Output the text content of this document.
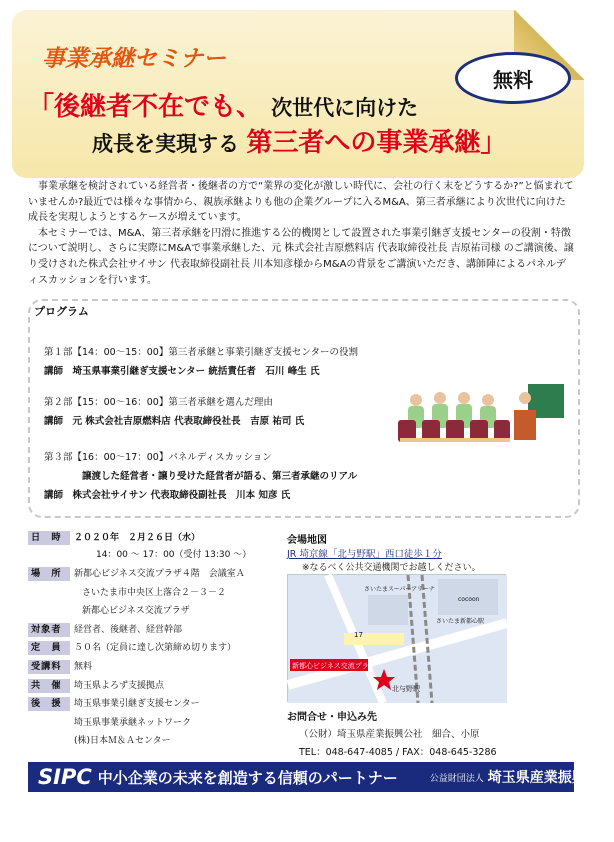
事業承継セミナー
「後継者不在でも、 次世代に向けた
成長を実現する 第三者への事業承継」
無料

事業承継を検討されている経営者・後継者の方で“業界の変化が激しい時代に、会社の行く末をどうするか?”と悩まれていませんか?最近では様々な事情から、親族承継よりも他の企業グループに入るM&A、第三者承継により次世代に向けた成長を実現しようとするケースが増えています。

本セミナーでは、M&A、第三者承継を円滑に推進する公的機関として設置された事業引継ぎ支援センターの役割・特徴について説明し、さらに実際にM&Aで事業承継した、元 株式会社吉原燃料店 代表取締役社長 吉原祐司様 のご講演後、譲り受けされた株式会社サイサン 代表取締役副社長 川本知彦様からM&Aの背景をご講演いただき、講師陣によるパネルディスカッションを行います。

プログラム
第１部【14：00～15：00】第三者承継と事業引継ぎ支援センターの役割
講師　埼玉県事業引継ぎ支援センター 統括責任者　石川 峰生 氏
第２部【15：00～16：00】第三者承継を選んだ理由
講師　元 株式会社吉原燃料店 代表取締役社長　吉原 祐司 氏
第３部【16：00～17：00】パネルディスカッション
譲渡した経営者・譲り受けた経営者が語る、第三者承継のリアル
講師　株式会社サイサン 代表取締役副社長　川本 知彦 氏
日　時	２０２０年　２月２６日（水）
14：00 ～ 17：00（受付 13:30 ～）
場　所	新都心ビジネス交流プラザ４階　会議室Ａ
さいたま市中央区上落合２－３－２
新都心ビジネス交流プラザ
対象者	経営者、後継者、経営幹部
定　員	５０名（定員に達し次第締め切ります）
受講料	無料
共　催	埼玉県よろず支援拠点
後　援	埼玉県事業引継ぎ支援センター
埼玉県事業承継ネットワーク
(株)日本Ｍ＆Ａセンター
会場地図
JR 埼京線「北与野駅」西口徒歩１分
※なるべく公共交通機関でお越しください。
新都心ビジネス交流プラザ
北与野駅
さいたま新都心駅
さいたまスーパーアリーナ
cocoon
17
お問合せ・申込み先
（公財）埼玉県産業振興公社　細合、小原
TEL：048-647-4085 / FAX：048-645-3286
SIPC 中小企業の未来を創造する信頼のパートナー	公益財団法人 埼玉県産業振興公社
